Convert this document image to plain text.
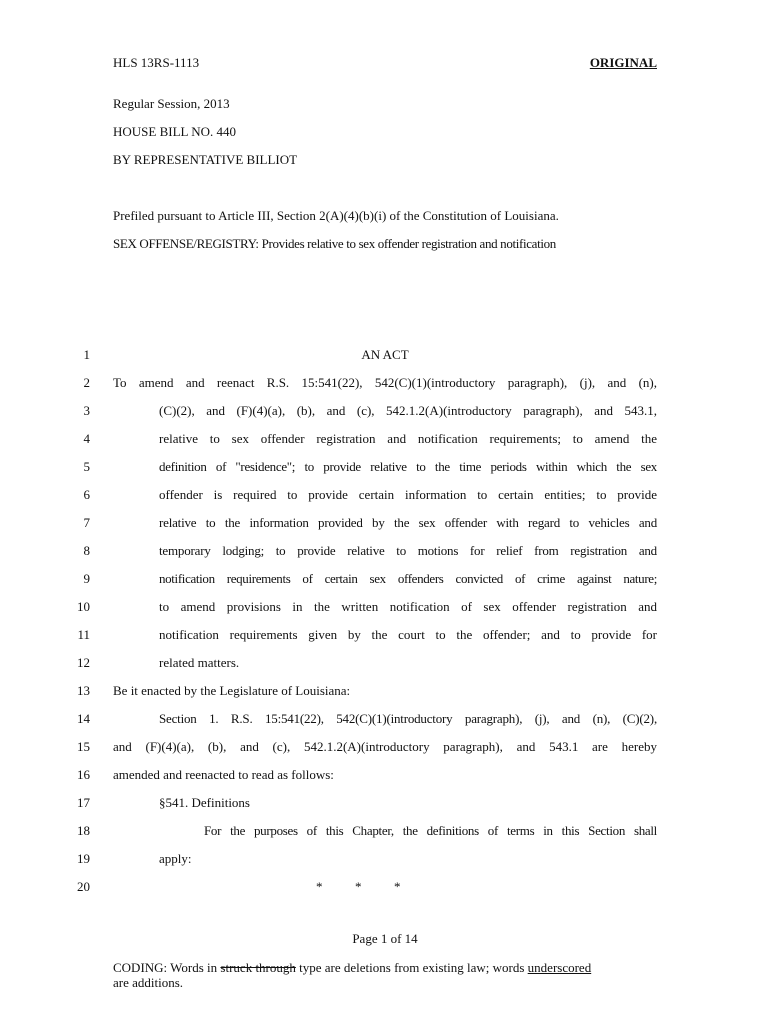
HLS 13RS-1113	ORIGINAL
Regular Session, 2013
HOUSE BILL NO. 440
BY REPRESENTATIVE BILLIOT
Prefiled pursuant to Article III, Section 2(A)(4)(b)(i) of the Constitution of Louisiana.
SEX OFFENSE/REGISTRY: Provides relative to sex offender registration and notification
1	AN ACT
2 To amend and reenact R.S. 15:541(22), 542(C)(1)(introductory paragraph), (j), and (n),
3	(C)(2), and (F)(4)(a), (b), and (c), 542.1.2(A)(introductory paragraph), and 543.1,
4	relative to sex offender registration and notification requirements; to amend the
5	definition of "residence"; to provide relative to the time periods within which the sex
6	offender is required to provide certain information to certain entities; to provide
7	relative to the information provided by the sex offender with regard to vehicles and
8	temporary lodging; to provide relative to motions for relief from registration and
9	notification requirements of certain sex offenders convicted of crime against nature;
10	to amend provisions in the written notification of sex offender registration and
11	notification requirements given by the court to the offender; and to provide for
12	related matters.
13 Be it enacted by the Legislature of Louisiana:
14	Section 1. R.S. 15:541(22), 542(C)(1)(introductory paragraph), (j), and (n), (C)(2),
15 and (F)(4)(a), (b), and (c), 542.1.2(A)(introductory paragraph), and 543.1 are hereby
16 amended and reenacted to read as follows:
17	§541. Definitions
18	For the purposes of this Chapter, the definitions of terms in this Section shall
19	apply:
20	*          *          *
Page 1 of 14
CODING: Words in struck through type are deletions from existing law; words underscored
are additions.
